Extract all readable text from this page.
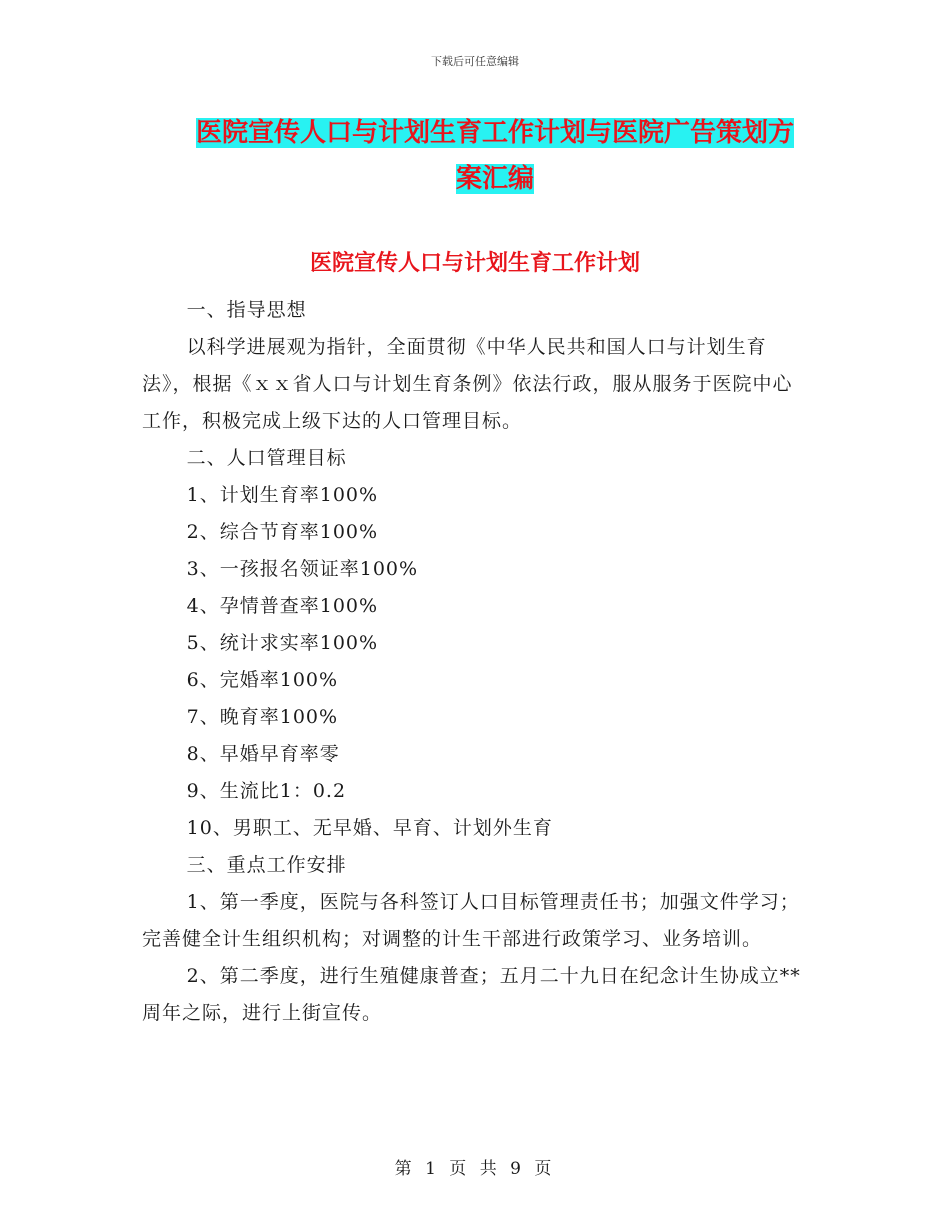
下载后可任意编辑
医院宣传人口与计划生育工作计划与医院广告策划方
案汇编
医院宣传人口与计划生育工作计划

一、指导思想

以科学进展观为指针，全面贯彻《中华人民共和国人口与计划生育法》，根据《ｘｘ省人口与计划生育条例》依法行政，服从服务于医院中心工作，积极完成上级下达的人口管理目标。

二、人口管理目标

1、计划生育率100%

2、综合节育率100%

3、一孩报名领证率100%

4、孕情普查率100%

5、统计求实率100%

6、完婚率100%

7、晚育率100%

8、早婚早育率零

9、生流比1：0.2

10、男职工、无早婚、早育、计划外生育

三、重点工作安排

1、第一季度，医院与各科签订人口目标管理责任书；加强文件学习；完善健全计生组织机构；对调整的计生干部进行政策学习、业务培训。

2、第二季度，进行生殖健康普查；五月二十九日在纪念计生协成立**周年之际，进行上街宣传。

第 1 页 共 9 页
